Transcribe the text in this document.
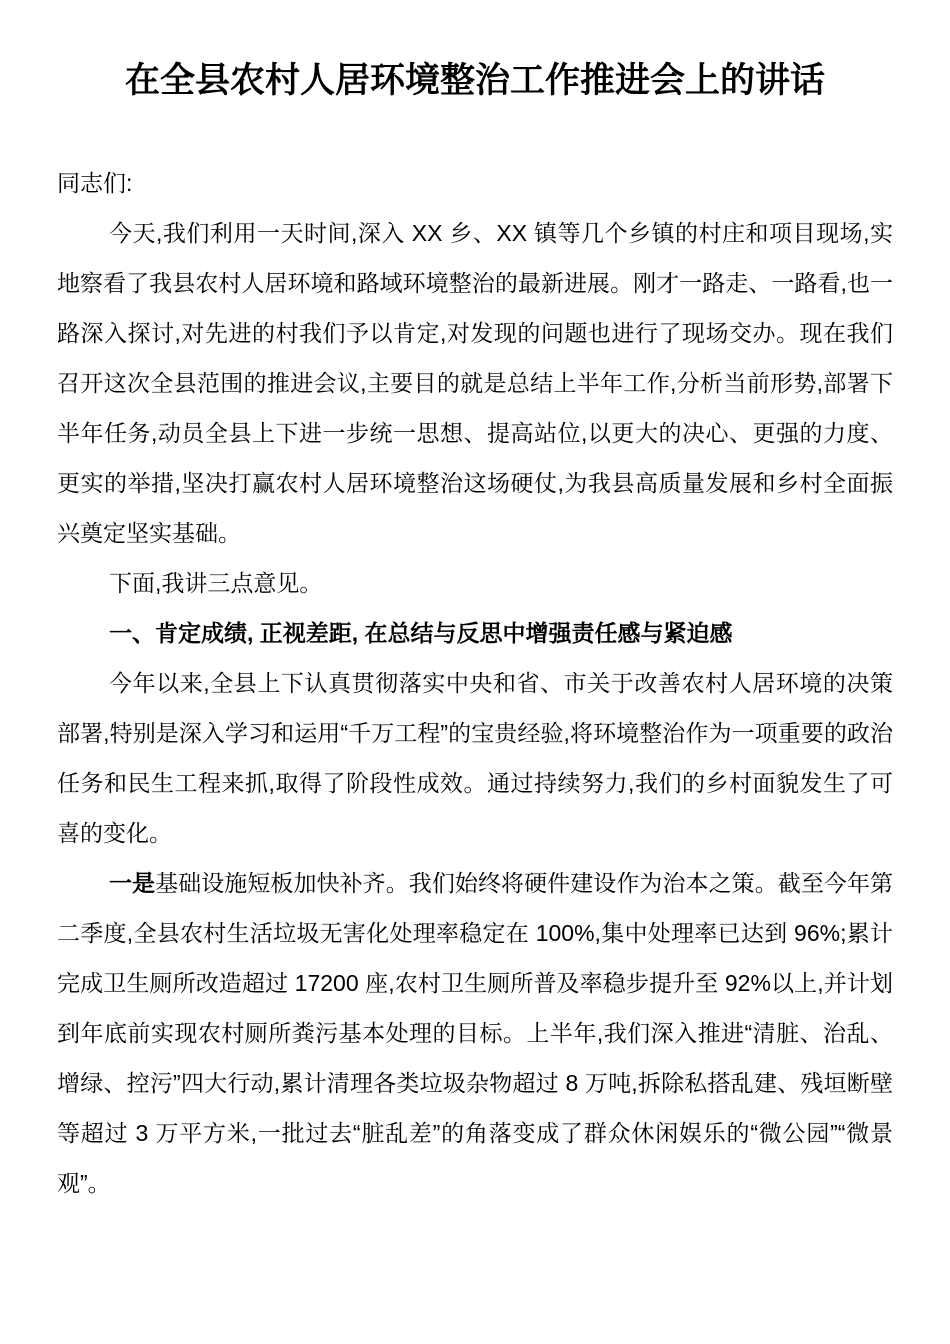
在全县农村人居环境整治工作推进会上的讲话

同志们:

今天,我们利用一天时间,深入 XX 乡、XX 镇等几个乡镇的村庄和项目现场,实地察看了我县农村人居环境和路域环境整治的最新进展。刚才一路走、一路看,也一路深入探讨,对先进的村我们予以肯定,对发现的问题也进行了现场交办。现在我们召开这次全县范围的推进会议,主要目的就是总结上半年工作,分析当前形势,部署下半年任务,动员全县上下进一步统一思想、提高站位,以更大的决心、更强的力度、更实的举措,坚决打赢农村人居环境整治这场硬仗,为我县高质量发展和乡村全面振兴奠定坚实基础。

下面,我讲三点意见。

一、肯定成绩, 正视差距, 在总结与反思中增强责任感与紧迫感

今年以来,全县上下认真贯彻落实中央和省、市关于改善农村人居环境的决策部署,特别是深入学习和运用“千万工程”的宝贵经验,将环境整治作为一项重要的政治任务和民生工程来抓,取得了阶段性成效。通过持续努力,我们的乡村面貌发生了可喜的变化。

一是基础设施短板加快补齐。我们始终将硬件建设作为治本之策。截至今年第二季度,全县农村生活垃圾无害化处理率稳定在 100%,集中处理率已达到 96%;累计完成卫生厕所改造超过 17200 座,农村卫生厕所普及率稳步提升至 92%以上,并计划到年底前实现农村厕所粪污基本处理的目标。上半年,我们深入推进“清脏、治乱、增绿、控污”四大行动,累计清理各类垃圾杂物超过 8 万吨,拆除私搭乱建、残垣断壁等超过 3 万平方米,一批过去“脏乱差”的角落变成了群众休闲娱乐的“微公园”“微景观”。
